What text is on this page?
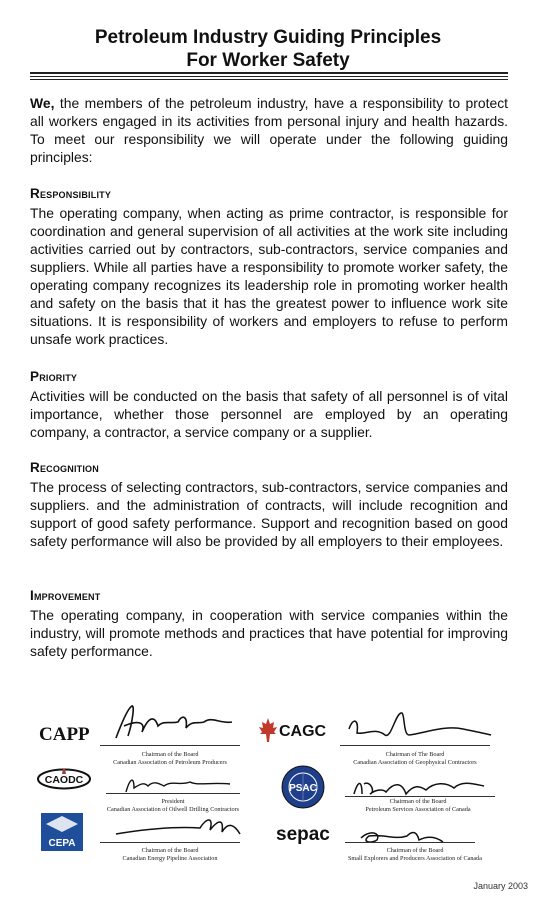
Petroleum Industry Guiding Principles
For Worker Safety

We, the members of the petroleum industry, have a responsibility to protect all workers engaged in its activities from personal injury and health hazards. To meet our responsibility we will operate under the following guiding principles:

Responsibility

The operating company, when acting as prime contractor, is responsible for coordination and general supervision of all activities at the work site including activities carried out by contractors, sub-contractors, service companies and suppliers. While all parties have a responsibility to promote worker safety, the operating company recognizes its leadership role in promoting worker health and safety on the basis that it has the greatest power to influence work site situations. It is responsibility of workers and employers to refuse to perform unsafe work practices.

Priority

Activities will be conducted on the basis that safety of all personnel is of vital importance, whether those personnel are employed by an operating company, a contractor, a service company or a supplier.

Recognition

The process of selecting contractors, sub-contractors, service companies and suppliers. and the administration of contracts, will include recognition and support of good safety performance. Support and recognition based on good safety performance will also be provided by all employers to their employees.

Improvement

The operating company, in cooperation with service companies within the industry, will promote methods and practices that have potential for improving safety performance.

CAPP
Chairman of the Board
Canadian Association of Petroleum Producers
CAGC
Chairman of The Board
Canadian Association of Geophysical Contractors
CAODC
President
Canadian Association of Oilwell Drilling Contractors
PSAC
Chairman of the Board
Petroleum Services Association of Canada
CEPA
Chairman of the Board
Canadian Energy Pipeline Association
sepac
Chairman of the Board
Small Explorers and Producers Association of Canada
January 2003
